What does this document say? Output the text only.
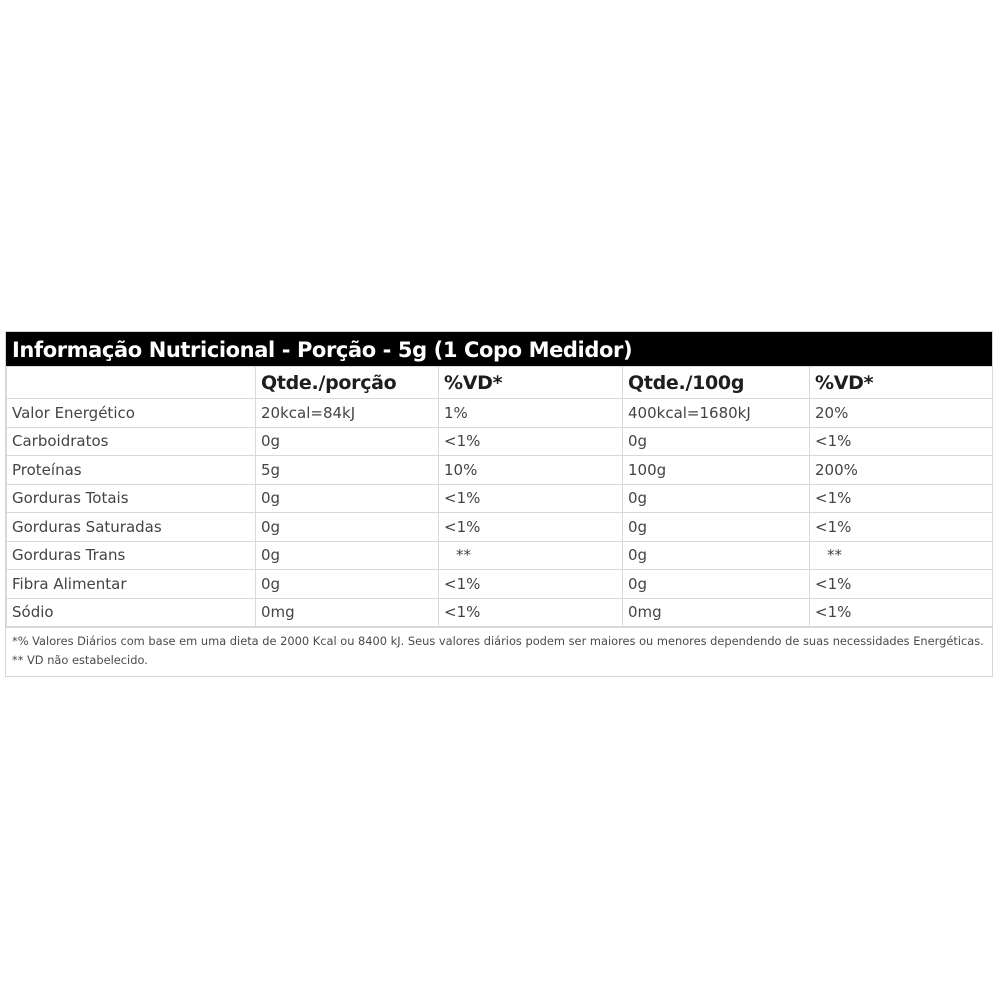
Informação Nutricional - Porção - 5g (1 Copo Medidor)
	Qtde./porção	%VD*	Qtde./100g	%VD*
Valor Energético	20kcal=84kJ	1%	400kcal=1680kJ	20%
Carboidratos	0g	<1%	0g	<1%
Proteínas	5g	10%	100g	200%
Gorduras Totais	0g	<1%	0g	<1%
Gorduras Saturadas	0g	<1%	0g	<1%
Gorduras Trans	0g	**	0g	**
Fibra Alimentar	0g	<1%	0g	<1%
Sódio	0mg	<1%	0mg	<1%
*% Valores Diários com base em uma dieta de 2000 Kcal ou 8400 kJ. Seus valores diários podem ser maiores ou menores dependendo de suas necessidades Energéticas. ** VD não estabelecido.
